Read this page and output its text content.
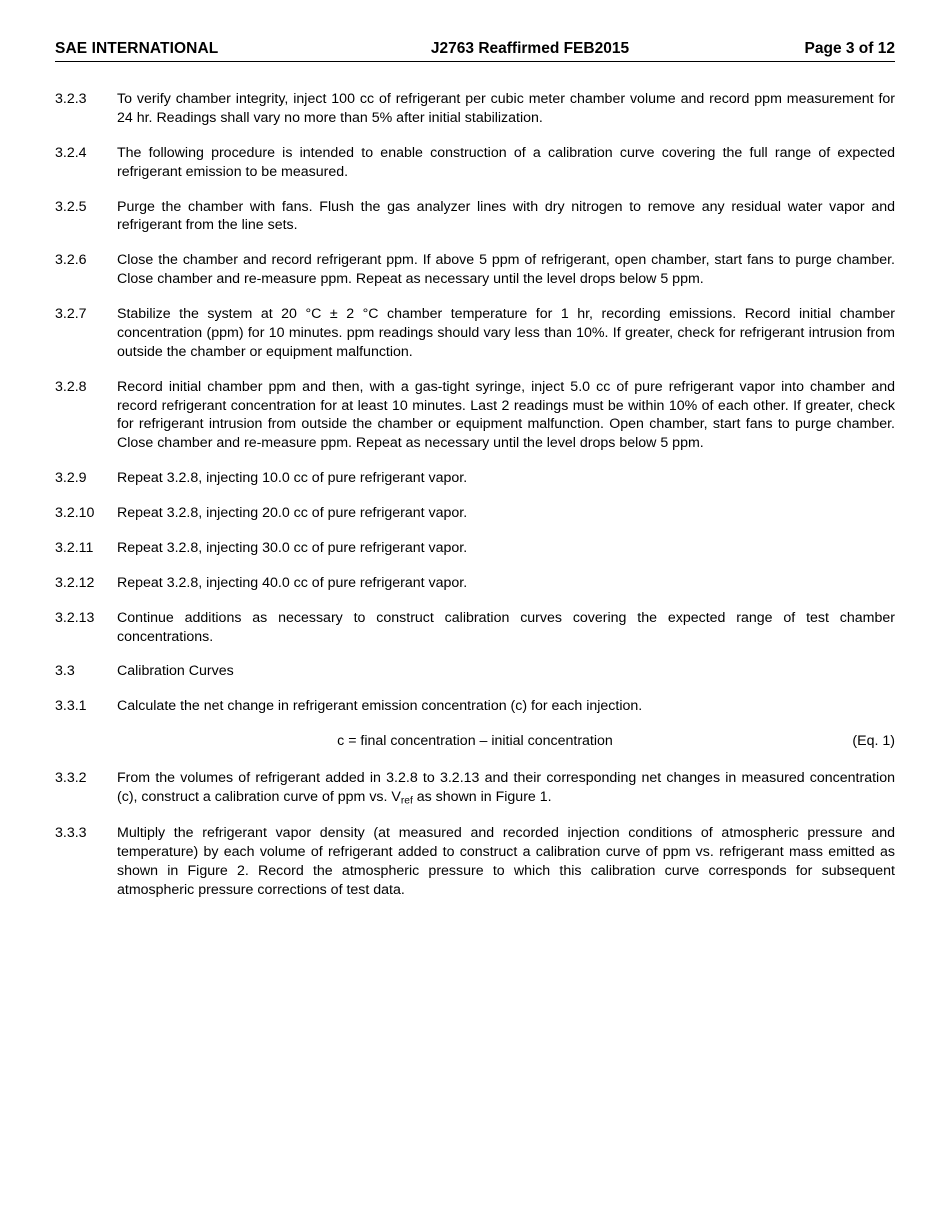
SAE INTERNATIONAL	J2763 Reaffirmed FEB2015	Page 3 of 12
3.2.3	To verify chamber integrity, inject 100 cc of refrigerant per cubic meter chamber volume and record ppm measurement for 24 hr. Readings shall vary no more than 5% after initial stabilization.
3.2.4	The following procedure is intended to enable construction of a calibration curve covering the full range of expected refrigerant emission to be measured.
3.2.5	Purge the chamber with fans. Flush the gas analyzer lines with dry nitrogen to remove any residual water vapor and refrigerant from the line sets.
3.2.6	Close the chamber and record refrigerant ppm. If above 5 ppm of refrigerant, open chamber, start fans to purge chamber. Close chamber and re-measure ppm. Repeat as necessary until the level drops below 5 ppm.
3.2.7	Stabilize the system at 20 °C ± 2 °C chamber temperature for 1 hr, recording emissions. Record initial chamber concentration (ppm) for 10 minutes. ppm readings should vary less than 10%. If greater, check for refrigerant intrusion from outside the chamber or equipment malfunction.
3.2.8	Record initial chamber ppm and then, with a gas-tight syringe, inject 5.0 cc of pure refrigerant vapor into chamber and record refrigerant concentration for at least 10 minutes. Last 2 readings must be within 10% of each other. If greater, check for refrigerant intrusion from outside the chamber or equipment malfunction. Open chamber, start fans to purge chamber. Close chamber and re-measure ppm. Repeat as necessary until the level drops below 5 ppm.
3.2.9	Repeat 3.2.8, injecting 10.0 cc of pure refrigerant vapor.
3.2.10	Repeat 3.2.8, injecting 20.0 cc of pure refrigerant vapor.
3.2.11	Repeat 3.2.8, injecting 30.0 cc of pure refrigerant vapor.
3.2.12	Repeat 3.2.8, injecting 40.0 cc of pure refrigerant vapor.
3.2.13	Continue additions as necessary to construct calibration curves covering the expected range of test chamber concentrations.
3.3	Calibration Curves
3.3.1	Calculate the net change in refrigerant emission concentration (c) for each injection.
c = final concentration – initial concentration	(Eq. 1)
3.3.2	From the volumes of refrigerant added in 3.2.8 to 3.2.13 and their corresponding net changes in measured concentration (c), construct a calibration curve of ppm vs. $V_{ref}$ as shown in Figure 1.
3.3.3	Multiply the refrigerant vapor density (at measured and recorded injection conditions of atmospheric pressure and temperature) by each volume of refrigerant added to construct a calibration curve of ppm vs. refrigerant mass emitted as shown in Figure 2. Record the atmospheric pressure to which this calibration curve corresponds for subsequent atmospheric pressure corrections of test data.
